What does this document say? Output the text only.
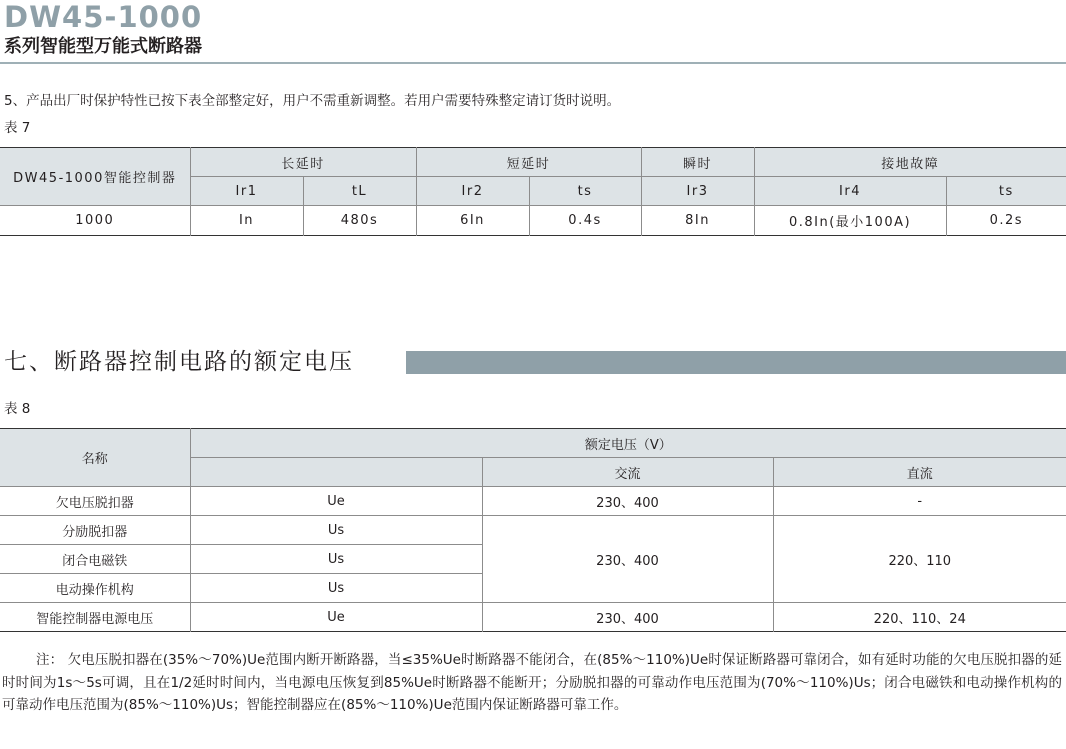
DW45-1000
系列智能型万能式断路器
5、产品出厂时保护特性已按下表全部整定好，用户不需重新调整。若用户需要特殊整定请订货时说明。
表 7
DW45-1000智能控制器	长延时		短延时		瞬时	接地故障	
	Ir1	tL	Ir2	ts	Ir3	Ir4	ts
1000	In	480s	6In	0.4s	8In	0.8In(最小100A)	0.2s
七、断路器控制电路的额定电压
表 8
名称	额定电压（V）		
		交流	直流
欠电压脱扣器	Ue	230、400	-
分励脱扣器	Us	230、400	220、110
闭合电磁铁	Us		
电动操作机构	Us		
智能控制器电源电压	Ue	230、400	220、110、24
注： 欠电压脱扣器在(35%～70%)Ue范围内断开断路器，当≤35%Ue时断路器不能闭合，在(85%～110%)Ue时保证断路器可靠闭合，如有延时功能的欠电压脱扣器的延时时间为1s～5s可调，且在1/2延时时间内，当电源电压恢复到85%Ue时断路器不能断开；分励脱扣器的可靠动作电压范围为(70%～110%)Us；闭合电磁铁和电动操作机构的可靠动作电压范围为(85%～110%)Us；智能控制器应在(85%～110%)Ue范围内保证断路器可靠工作。
